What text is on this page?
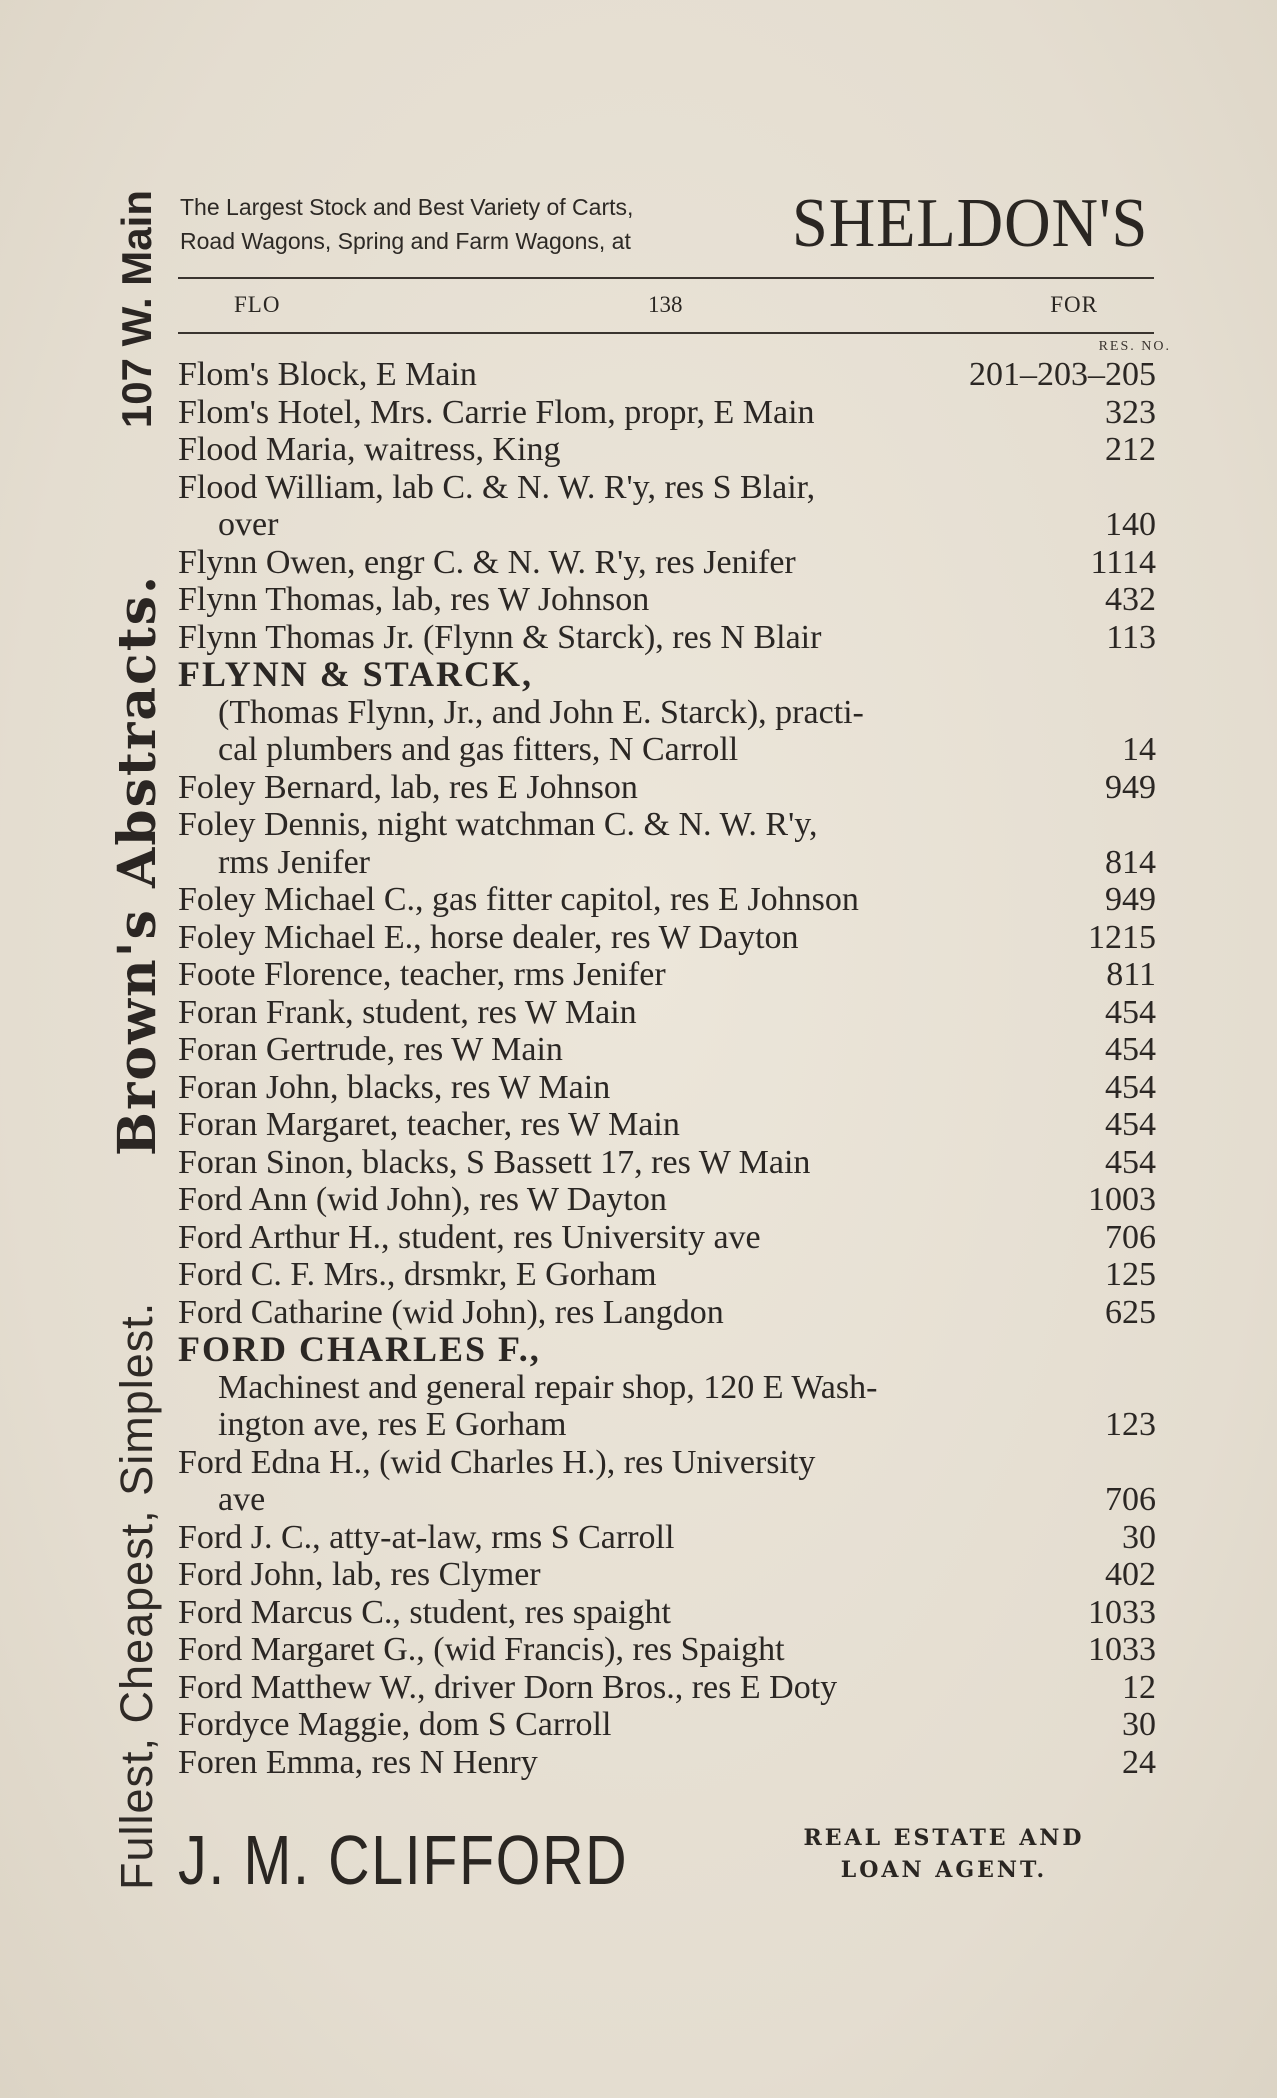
Fullest, Cheapest, Simplest.
Brown's Abstracts.
107 W. Main The Largest Stock and Best Variety of Carts,
Road Wagons, Spring and Farm Wagons, at	SHELDON'S
FLO	138	FOR
RES. NO.
Flom's Block, E Main	201–203–205
Flom's Hotel, Mrs. Carrie Flom, propr, E Main	323
Flood Maria, waitress, King	212
Flood William, lab C. & N. W. R'y, res S Blair,
over	140
Flynn Owen, engr C. & N. W. R'y, res Jenifer	1114
Flynn Thomas, lab, res W Johnson	432
Flynn Thomas Jr. (Flynn & Starck), res N Blair	113
FLYNN & STARCK,
(Thomas Flynn, Jr., and John E. Starck), practi-
cal plumbers and gas fitters, N Carroll	14
Foley Bernard, lab, res E Johnson	949
Foley Dennis, night watchman C. & N. W. R'y,
rms Jenifer	814
Foley Michael C., gas fitter capitol, res E Johnson	949
Foley Michael E., horse dealer, res W Dayton	1215
Foote Florence, teacher, rms Jenifer	811
Foran Frank, student, res W Main	454
Foran Gertrude, res W Main	454
Foran John, blacks, res W Main	454
Foran Margaret, teacher, res W Main	454
Foran Sinon, blacks, S Bassett 17, res W Main	454
Ford Ann (wid John), res W Dayton	1003
Ford Arthur H., student, res University ave	706
Ford C. F. Mrs., drsmkr, E Gorham	125
Ford Catharine (wid John), res Langdon	625
FORD CHARLES F.,
Machinest and general repair shop, 120 E Wash-
ington ave, res E Gorham	123
Ford Edna H., (wid Charles H.), res University
ave	706
Ford J. C., atty-at-law, rms S Carroll	30
Ford John, lab, res Clymer	402
Ford Marcus C., student, res spaight	1033
Ford Margaret G., (wid Francis), res Spaight	1033
Ford Matthew W., driver Dorn Bros., res E Doty	12
Fordyce Maggie, dom S Carroll	30
Foren Emma, res N Henry	24
J. M. CLIFFORD	REAL ESTATE AND
LOAN AGENT.
